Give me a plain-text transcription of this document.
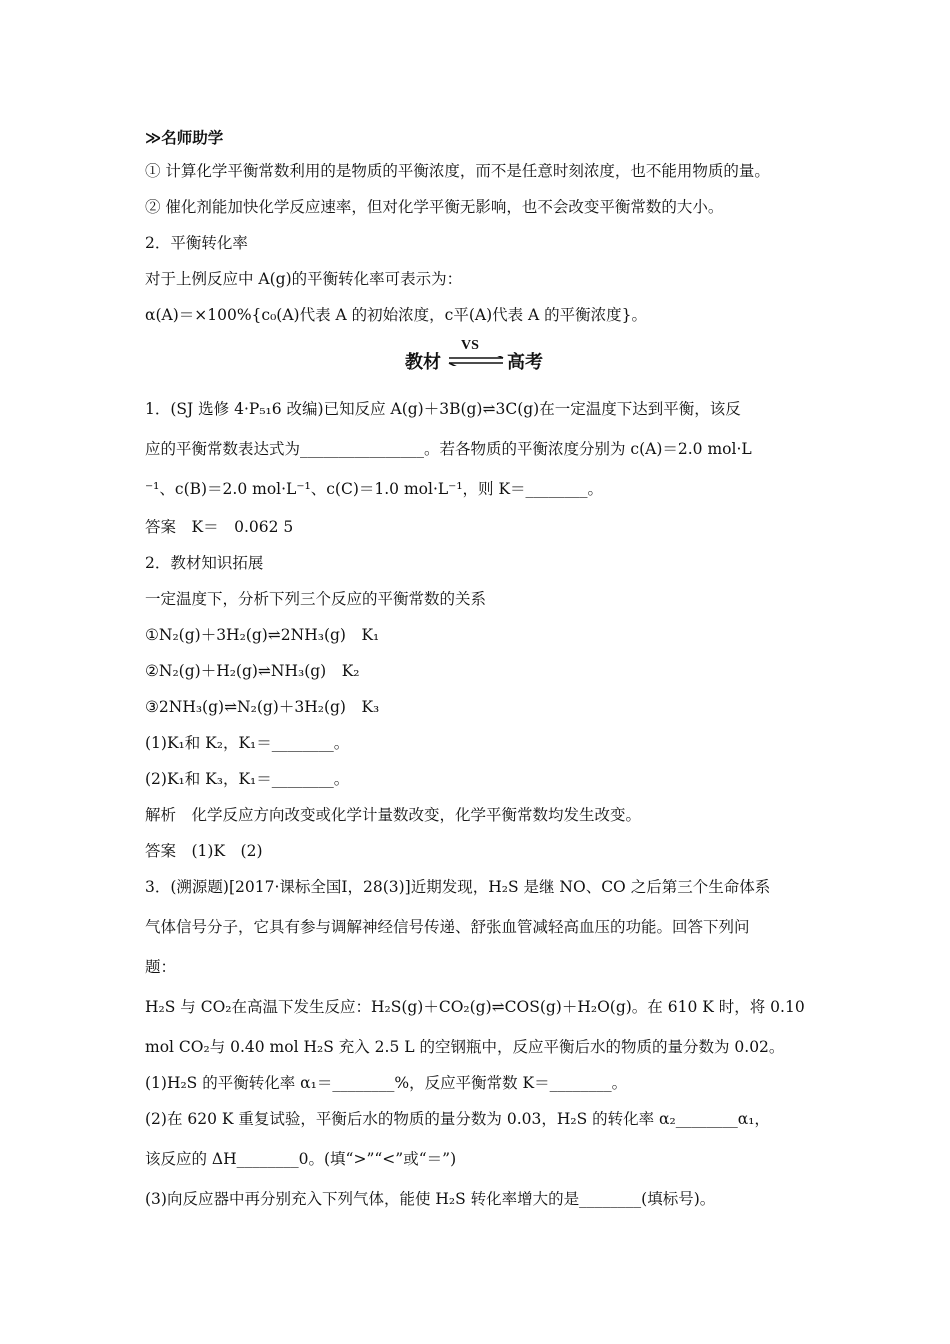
≫名师助学
① 计算化学平衡常数利用的是物质的平衡浓度，而不是任意时刻浓度，也不能用物质的量。
② 催化剂能加快化学反应速率，但对化学平衡无影响，也不会改变平衡常数的大小。
2．平衡转化率
对于上例反应中 A(g)的平衡转化率可表示为：
α(A)＝×100%{c₀(A)代表 A 的初始浓度，c平(A)代表 A 的平衡浓度}。
教材
VS
⇌ 高考
1．(SJ 选修 4·P₅₁6 改编)已知反应 A(g)＋3B(g)⇌3C(g)在一定温度下达到平衡，该反
应的平衡常数表达式为________________。若各物质的平衡浓度分别为 c(A)＝2.0 mol·L
⁻¹、c(B)＝2.0 mol·L⁻¹、c(C)＝1.0 mol·L⁻¹，则 K＝________。
答案　K＝　0.062 5
2．教材知识拓展
一定温度下，分析下列三个反应的平衡常数的关系
①N₂(g)＋3H₂(g)⇌2NH₃(g)　K₁
②N₂(g)＋H₂(g)⇌NH₃(g)　K₂
③2NH₃(g)⇌N₂(g)＋3H₂(g)　K₃
(1)K₁和 K₂，K₁＝________。
(2)K₁和 K₃，K₁＝________。
解析　化学反应方向改变或化学计量数改变，化学平衡常数均发生改变。
答案　(1)K　(2)
3．(溯源题)[2017·课标全国Ⅰ，28(3)]近期发现，H₂S 是继 NO、CO 之后第三个生命体系
气体信号分子，它具有参与调解神经信号传递、舒张血管减轻高血压的功能。回答下列问
题：
H₂S 与 CO₂在高温下发生反应：H₂S(g)＋CO₂(g)⇌COS(g)＋H₂O(g)。在 610 K 时，将 0.10
mol CO₂与 0.40 mol H₂S 充入 2.5 L 的空钢瓶中，反应平衡后水的物质的量分数为 0.02。
(1)H₂S 的平衡转化率 α₁＝________%，反应平衡常数 K＝________。
(2)在 620 K 重复试验，平衡后水的物质的量分数为 0.03，H₂S 的转化率 α₂________α₁，
该反应的 ΔH________0。(填“>”“<”或“＝”)
(3)向反应器中再分别充入下列气体，能使 H₂S 转化率增大的是________(填标号)。
